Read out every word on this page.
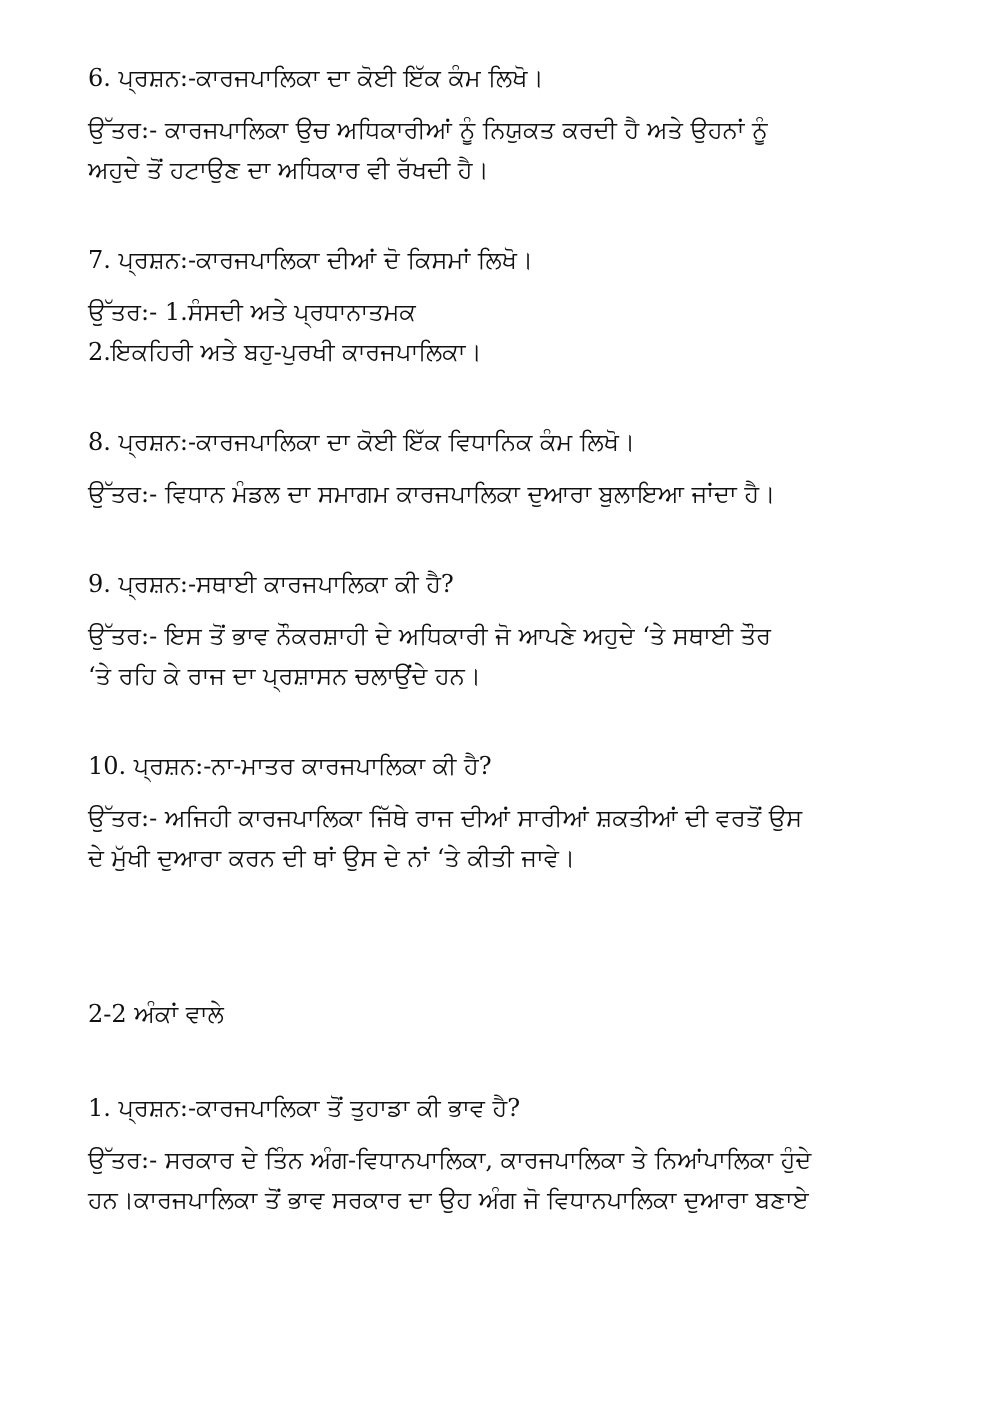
6. ਪ੍ਰਸ਼ਨ:-ਕਾਰਜਪਾਲਿਕਾ ਦਾ ਕੋਈ ਇੱਕ ਕੰਮ ਲਿਖੋ।

ਉੱਤਰ:- ਕਾਰਜਪਾਲਿਕਾ ਉਚ ਅਧਿਕਾਰੀਆਂ ਨੂੰ ਨਿਯੁਕਤ ਕਰਦੀ ਹੈ ਅਤੇ ਉਹਨਾਂ ਨੂੰ
ਅਹੁਦੇ ਤੋਂ ਹਟਾਉਣ ਦਾ ਅਧਿਕਾਰ ਵੀ ਰੱਖਦੀ ਹੈ।

7. ਪ੍ਰਸ਼ਨ:-ਕਾਰਜਪਾਲਿਕਾ ਦੀਆਂ ਦੋ ਕਿਸਮਾਂ ਲਿਖੋ।

ਉੱਤਰ:- 1.ਸੰਸਦੀ ਅਤੇ ਪ੍ਰਧਾਨਾਤਮਕ
2.ਇਕਹਿਰੀ ਅਤੇ ਬਹੁ-ਪੁਰਖੀ ਕਾਰਜਪਾਲਿਕਾ।

8. ਪ੍ਰਸ਼ਨ:-ਕਾਰਜਪਾਲਿਕਾ ਦਾ ਕੋਈ ਇੱਕ ਵਿਧਾਨਿਕ ਕੰਮ ਲਿਖੋ।

ਉੱਤਰ:- ਵਿਧਾਨ ਮੰਡਲ ਦਾ ਸਮਾਗਮ ਕਾਰਜਪਾਲਿਕਾ ਦੁਆਰਾ ਬੁਲਾਇਆ ਜਾਂਦਾ ਹੈ।

9. ਪ੍ਰਸ਼ਨ:-ਸਥਾਈ ਕਾਰਜਪਾਲਿਕਾ ਕੀ ਹੈ?

ਉੱਤਰ:- ਇਸ ਤੋਂ ਭਾਵ ਨੌਕਰਸ਼ਾਹੀ ਦੇ ਅਧਿਕਾਰੀ ਜੋ ਆਪਣੇ ਅਹੁਦੇ ‘ਤੇ ਸਥਾਈ ਤੌਰ
‘ਤੇ ਰਹਿ ਕੇ ਰਾਜ ਦਾ ਪ੍ਰਸ਼ਾਸਨ ਚਲਾਉਂਦੇ ਹਨ।

10. ਪ੍ਰਸ਼ਨ:-ਨਾ-ਮਾਤਰ ਕਾਰਜਪਾਲਿਕਾ ਕੀ ਹੈ?

ਉੱਤਰ:- ਅਜਿਹੀ ਕਾਰਜਪਾਲਿਕਾ ਜਿੱਥੇ ਰਾਜ ਦੀਆਂ ਸਾਰੀਆਂ ਸ਼ਕਤੀਆਂ ਦੀ ਵਰਤੋਂ ਉਸ
ਦੇ ਮੁੱਖੀ ਦੁਆਰਾ ਕਰਨ ਦੀ ਥਾਂ ਉਸ ਦੇ ਨਾਂ ‘ਤੇ ਕੀਤੀ ਜਾਵੇ।

2-2 ਅੰਕਾਂ ਵਾਲੇ

1. ਪ੍ਰਸ਼ਨ:-ਕਾਰਜਪਾਲਿਕਾ ਤੋਂ ਤੁਹਾਡਾ ਕੀ ਭਾਵ ਹੈ?

ਉੱਤਰ:- ਸਰਕਾਰ ਦੇ ਤਿੰਨ ਅੰਗ-ਵਿਧਾਨਪਾਲਿਕਾ, ਕਾਰਜਪਾਲਿਕਾ ਤੇ ਨਿਆਂਪਾਲਿਕਾ ਹੁੰਦੇ
ਹਨ।ਕਾਰਜਪਾਲਿਕਾ ਤੋਂ ਭਾਵ ਸਰਕਾਰ ਦਾ ਉਹ ਅੰਗ ਜੋ ਵਿਧਾਨਪਾਲਿਕਾ ਦੁਆਰਾ ਬਣਾਏ
